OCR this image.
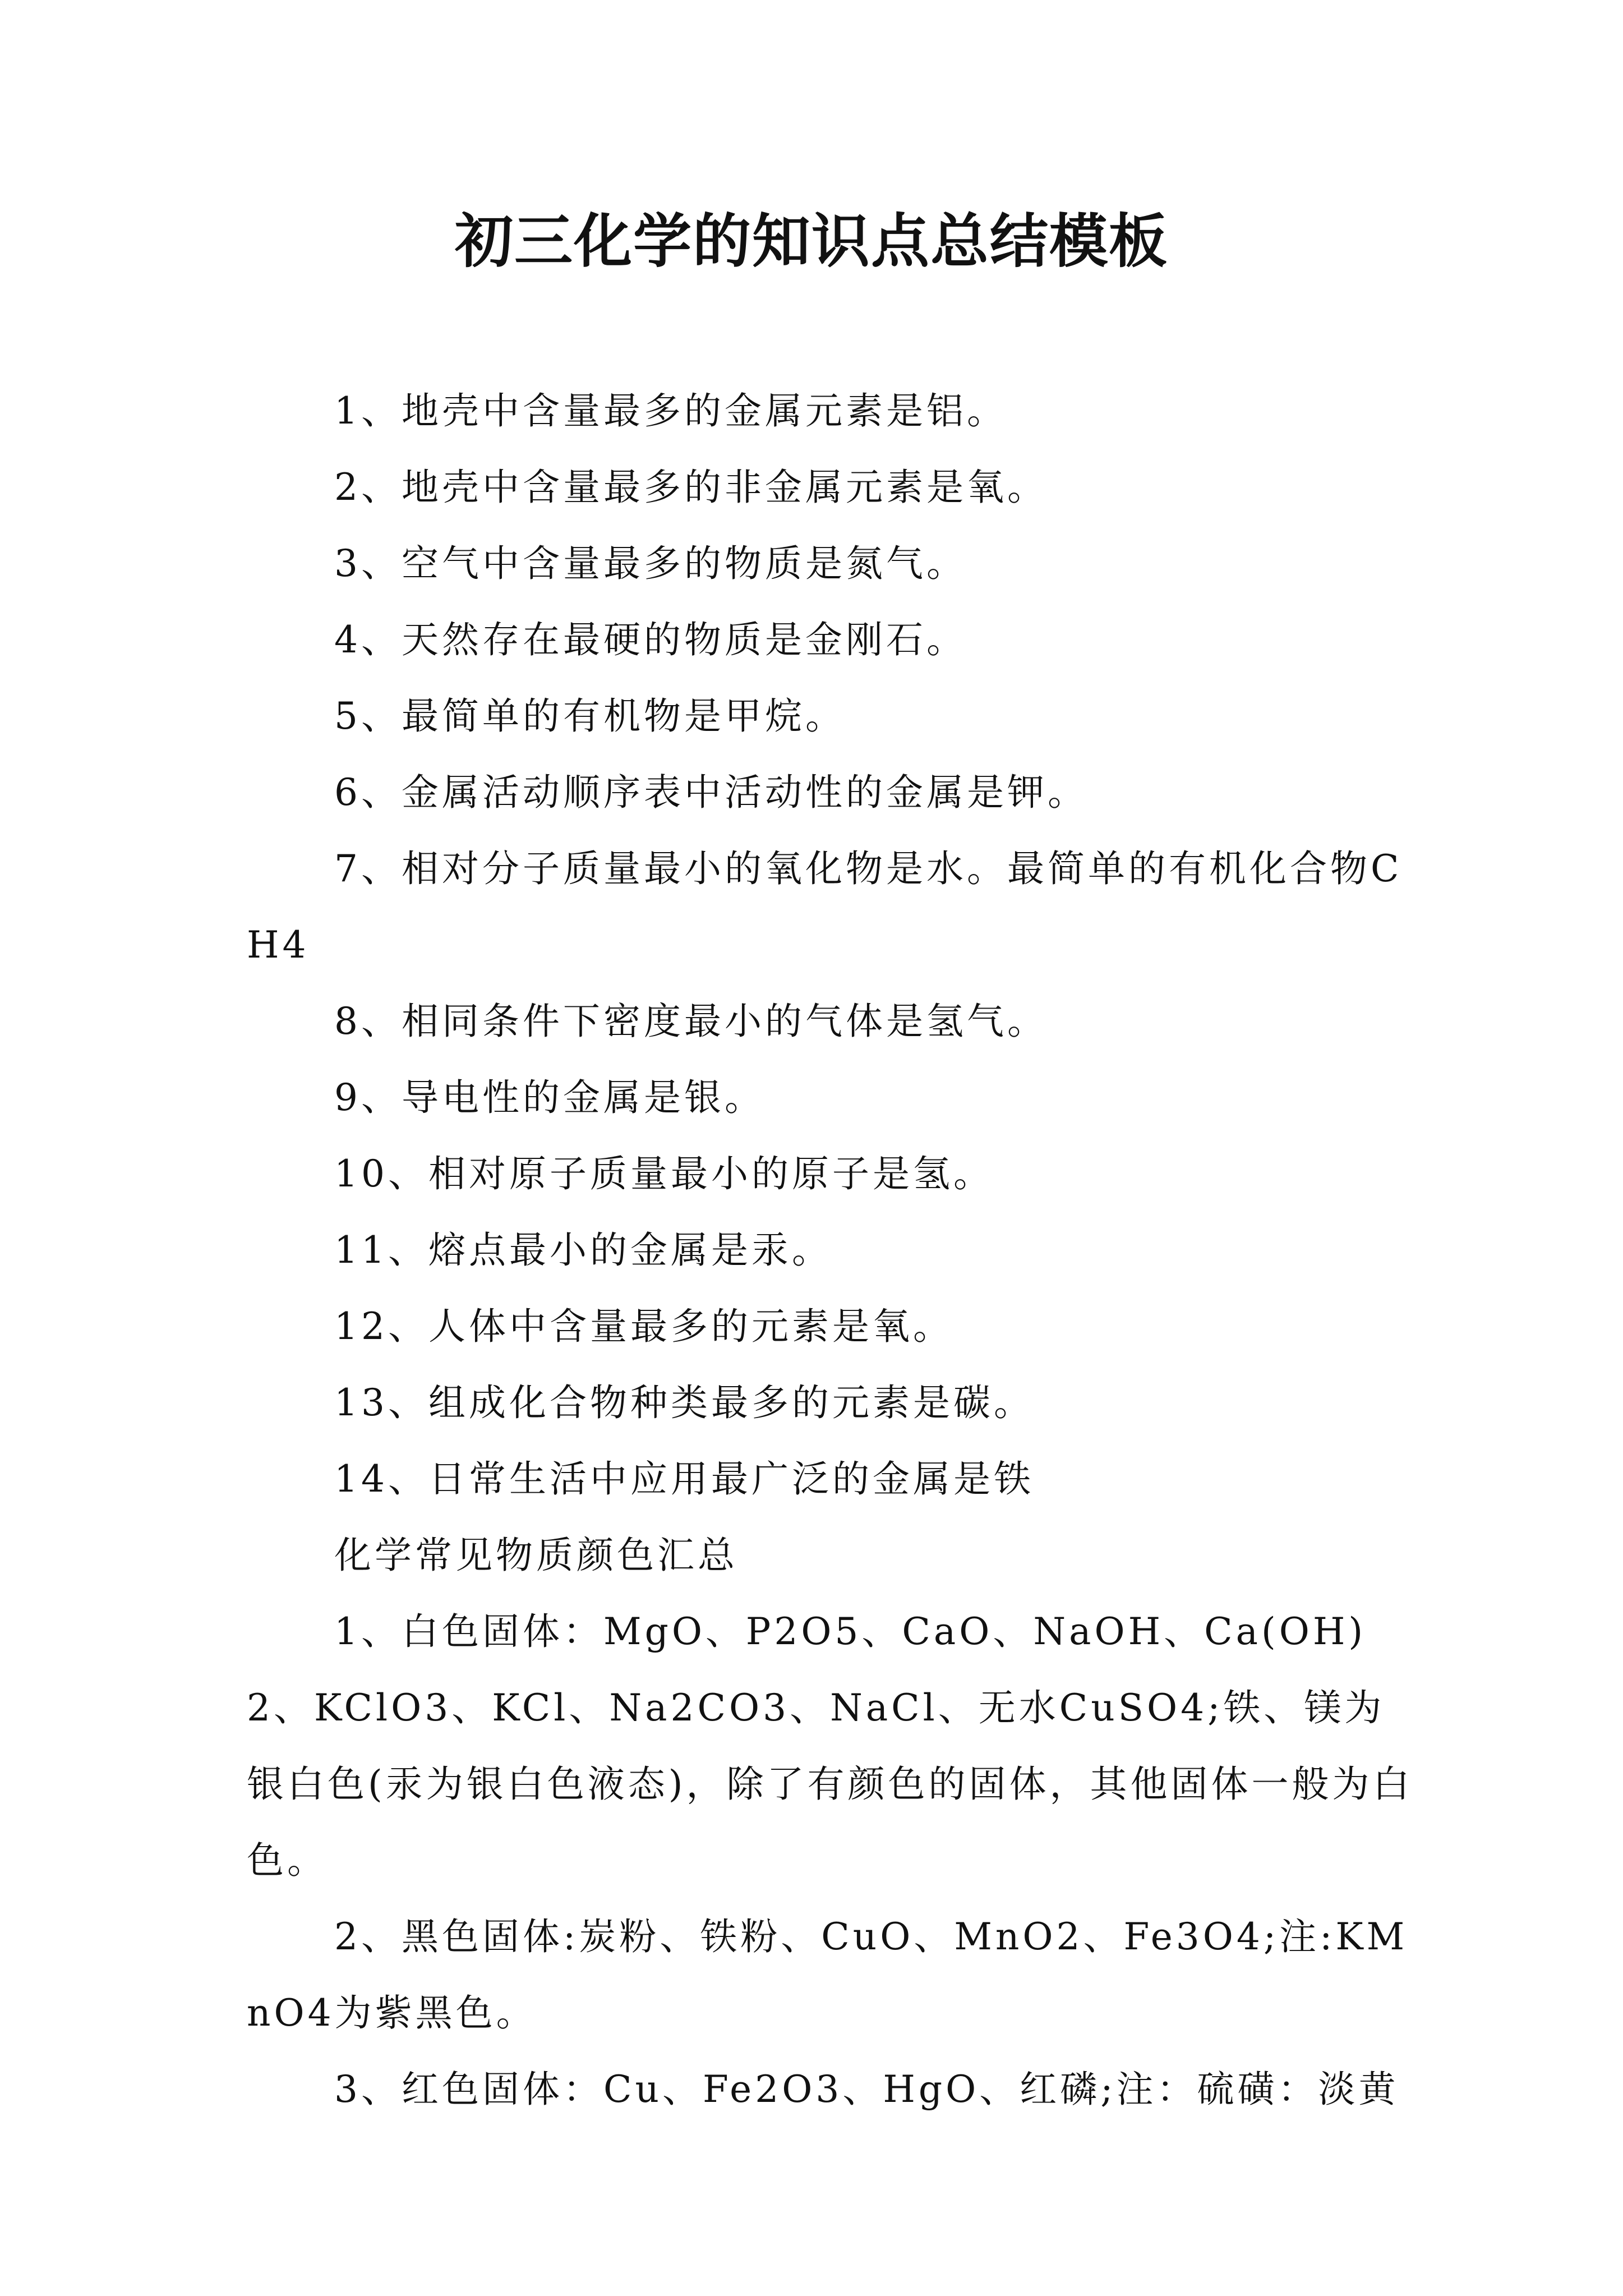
初三化学的知识点总结模板

1、地壳中含量最多的金属元素是铝。

2、地壳中含量最多的非金属元素是氧。

3、空气中含量最多的物质是氮气。

4、天然存在最硬的物质是金刚石。

5、最简单的有机物是甲烷。

6、金属活动顺序表中活动性的金属是钾。

7、相对分子质量最小的氧化物是水。最简单的有机化合物CH4

8、相同条件下密度最小的气体是氢气。

9、导电性的金属是银。

10、相对原子质量最小的原子是氢。

11、熔点最小的金属是汞。

12、人体中含量最多的元素是氧。

13、组成化合物种类最多的元素是碳。

14、日常生活中应用最广泛的金属是铁

化学常见物质颜色汇总

1、白色固体：MgO、P2O5、CaO、NaOH、Ca(OH)2、KClO3、KCl、Na2CO3、NaCl、无水CuSO4;铁、镁为银白色(汞为银白色液态)，除了有颜色的固体，其他固体一般为白色。

2、黑色固体:炭粉、铁粉、CuO、MnO2、Fe3O4;注:KMnO4为紫黑色。

3、红色固体：Cu、Fe2O3、HgO、红磷;注：硫磺：淡黄
